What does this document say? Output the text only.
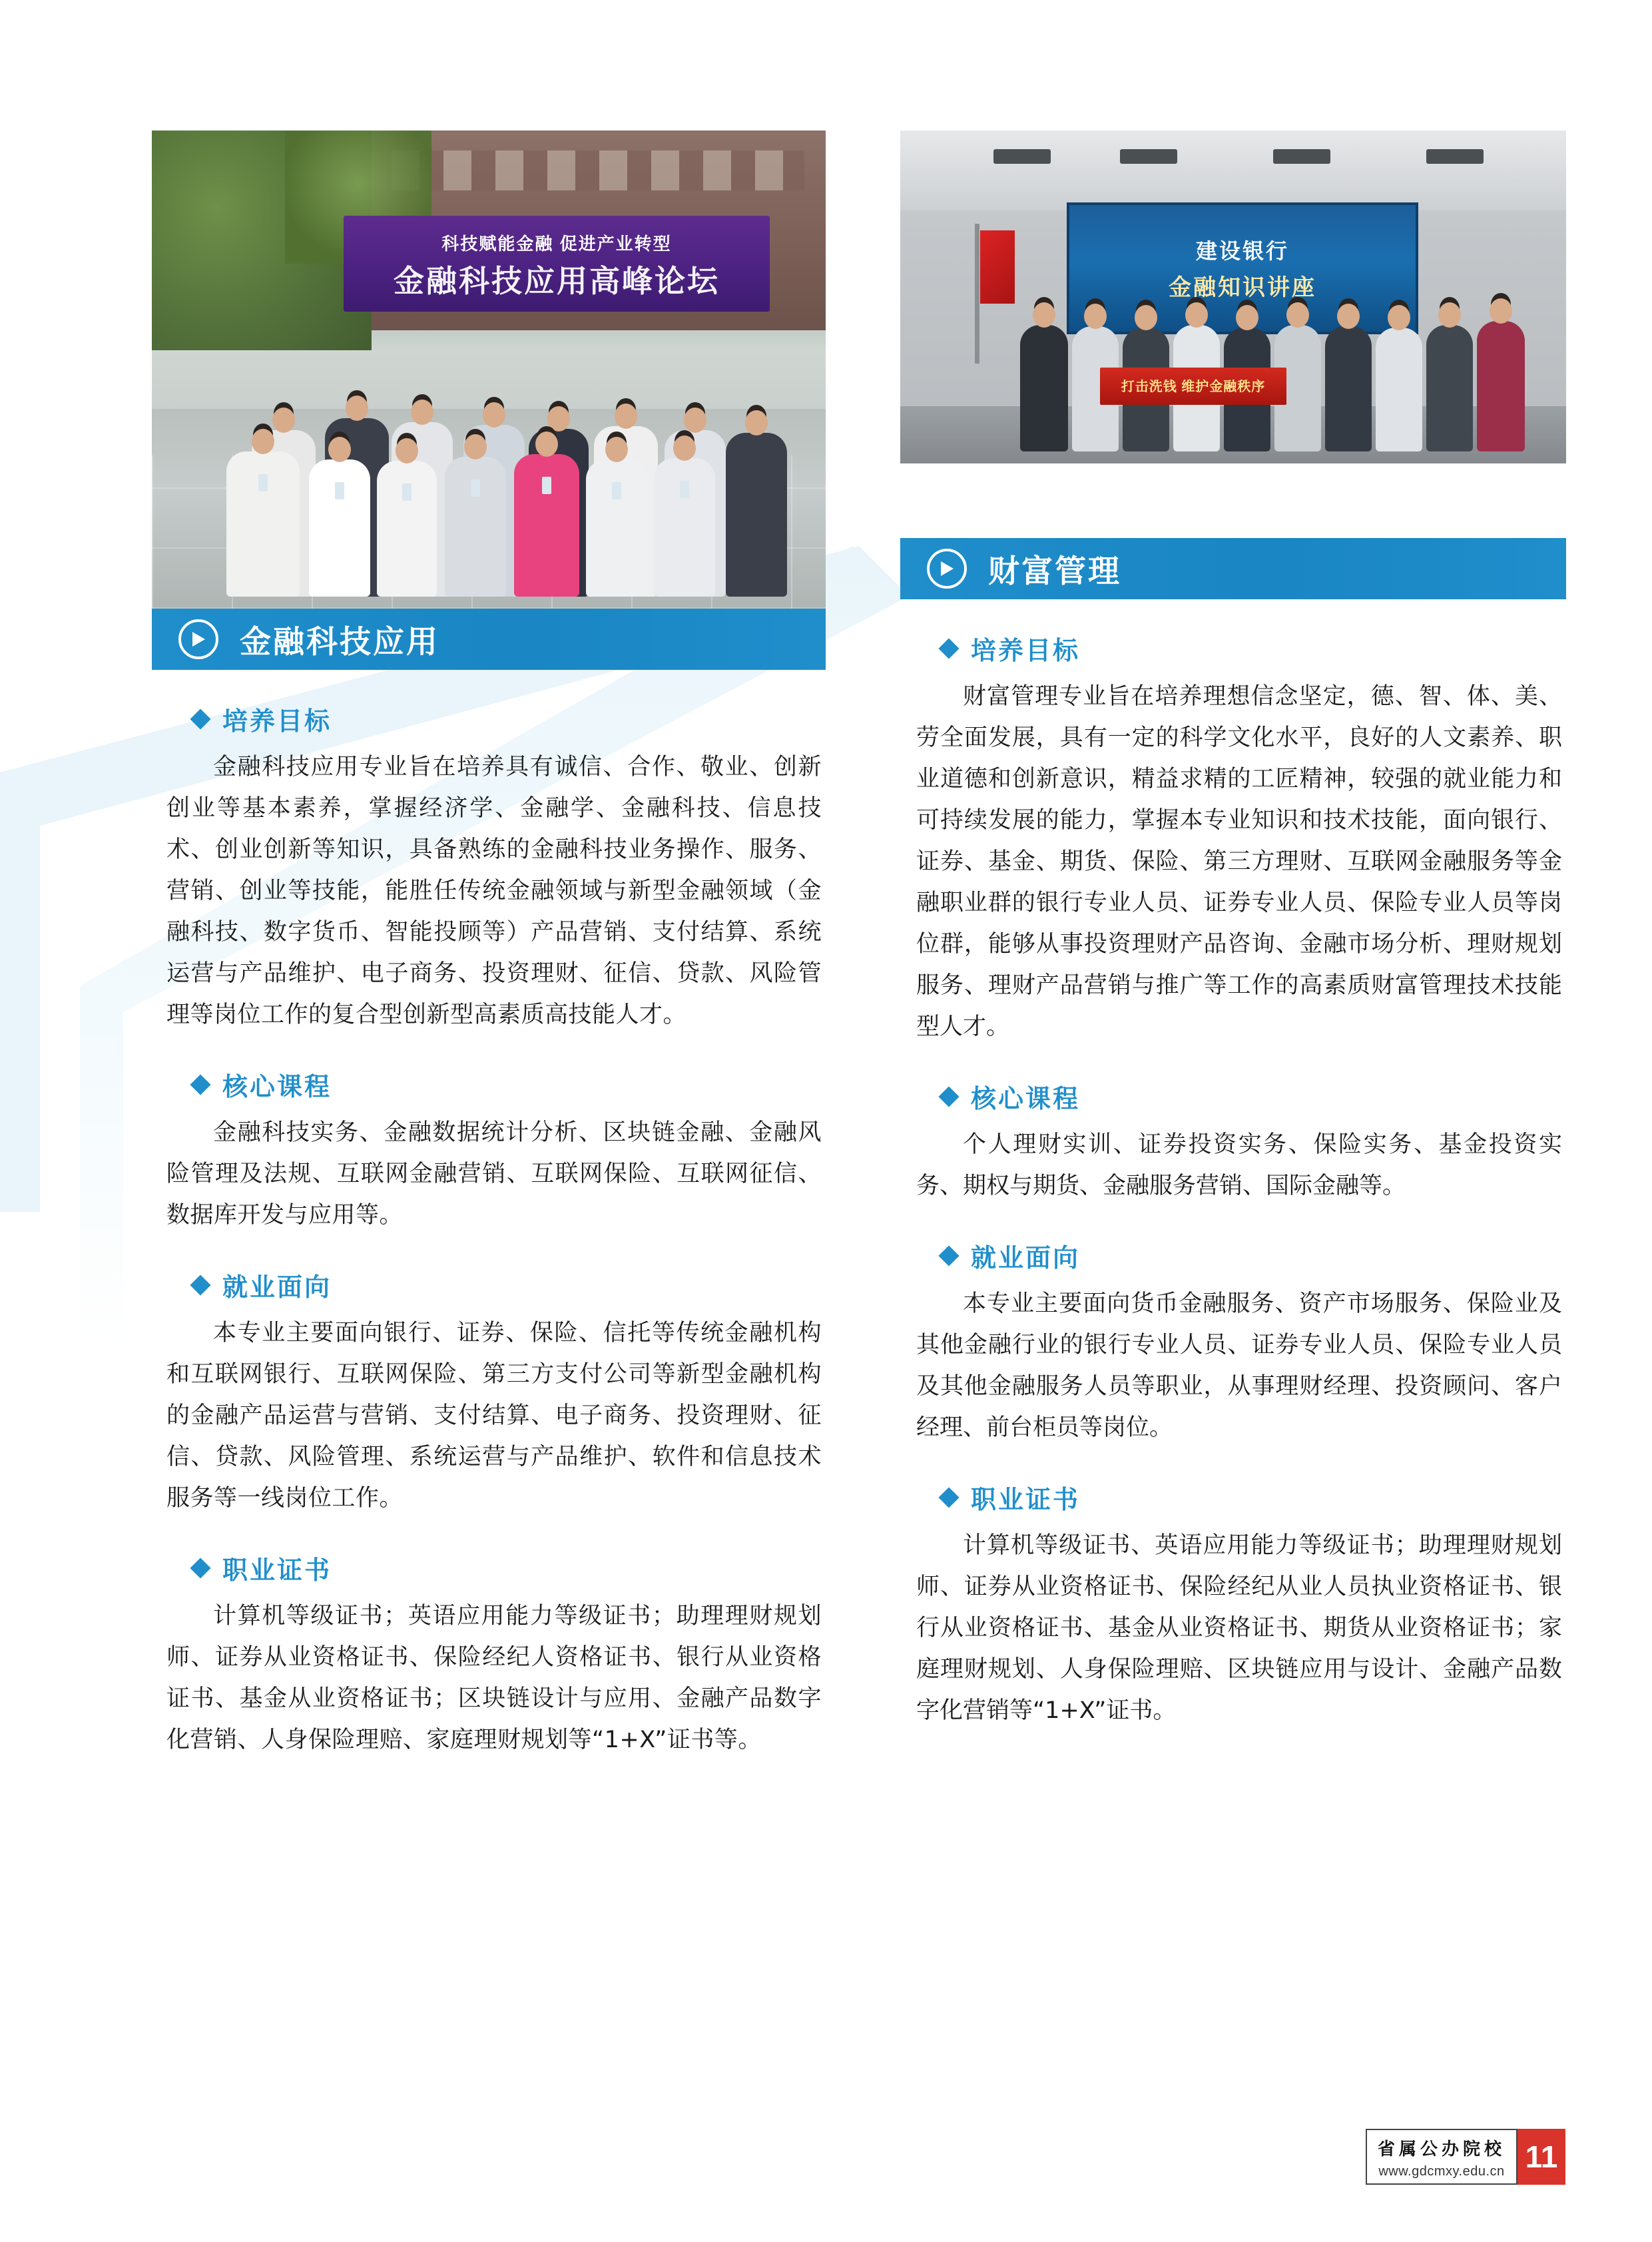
科技赋能金融 促进产业转型
金融科技应用高峰论坛
金融科技应用
培养目标

金融科技应用专业旨在培养具有诚信、合作、敬业、创新创业等基本素养，掌握经济学、金融学、金融科技、信息技术、创业创新等知识，具备熟练的金融科技业务操作、服务、营销、创业等技能，能胜任传统金融领域与新型金融领域（金融科技、数字货币、智能投顾等）产品营销、支付结算、系统运营与产品维护、电子商务、投资理财、征信、贷款、风险管理等岗位工作的复合型创新型高素质高技能人才。

核心课程

金融科技实务、金融数据统计分析、区块链金融、金融风险管理及法规、互联网金融营销、互联网保险、互联网征信、数据库开发与应用等。

就业面向

本专业主要面向银行、证券、保险、信托等传统金融机构和互联网银行、互联网保险、第三方支付公司等新型金融机构的金融产品运营与营销、支付结算、电子商务、投资理财、征信、贷款、风险管理、系统运营与产品维护、软件和信息技术服务等一线岗位工作。

职业证书

计算机等级证书；英语应用能力等级证书；助理理财规划师、证券从业资格证书、保险经纪人资格证书、银行从业资格证书、基金从业资格证书；区块链设计与应用、金融产品数字化营销、人身保险理赔、家庭理财规划等“1+X”证书等。

建设银行
金融知识讲座
打击洗钱 维护金融秩序
财富管理
培养目标

财富管理专业旨在培养理想信念坚定，德、智、体、美、劳全面发展，具有一定的科学文化水平，良好的人文素养、职业道德和创新意识，精益求精的工匠精神，较强的就业能力和可持续发展的能力，掌握本专业知识和技术技能，面向银行、证券、基金、期货、保险、第三方理财、互联网金融服务等金融职业群的银行专业人员、证券专业人员、保险专业人员等岗位群，能够从事投资理财产品咨询、金融市场分析、理财规划服务、理财产品营销与推广等工作的高素质财富管理技术技能型人才。

核心课程

个人理财实训、证券投资实务、保险实务、基金投资实务、期权与期货、金融服务营销、国际金融等。

就业面向

本专业主要面向货币金融服务、资产市场服务、保险业及其他金融行业的银行专业人员、证券专业人员、保险专业人员及其他金融服务人员等职业，从事理财经理、投资顾问、客户经理、前台柜员等岗位。

职业证书

计算机等级证书、英语应用能力等级证书；助理理财规划师、证券从业资格证书、保险经纪从业人员执业资格证书、银行从业资格证书、基金从业资格证书、期货从业资格证书；家庭理财规划、人身保险理赔、区块链应用与设计、金融产品数字化营销等“1+X”证书。

省属公办院校
www.gdcmxy.edu.cn 11
